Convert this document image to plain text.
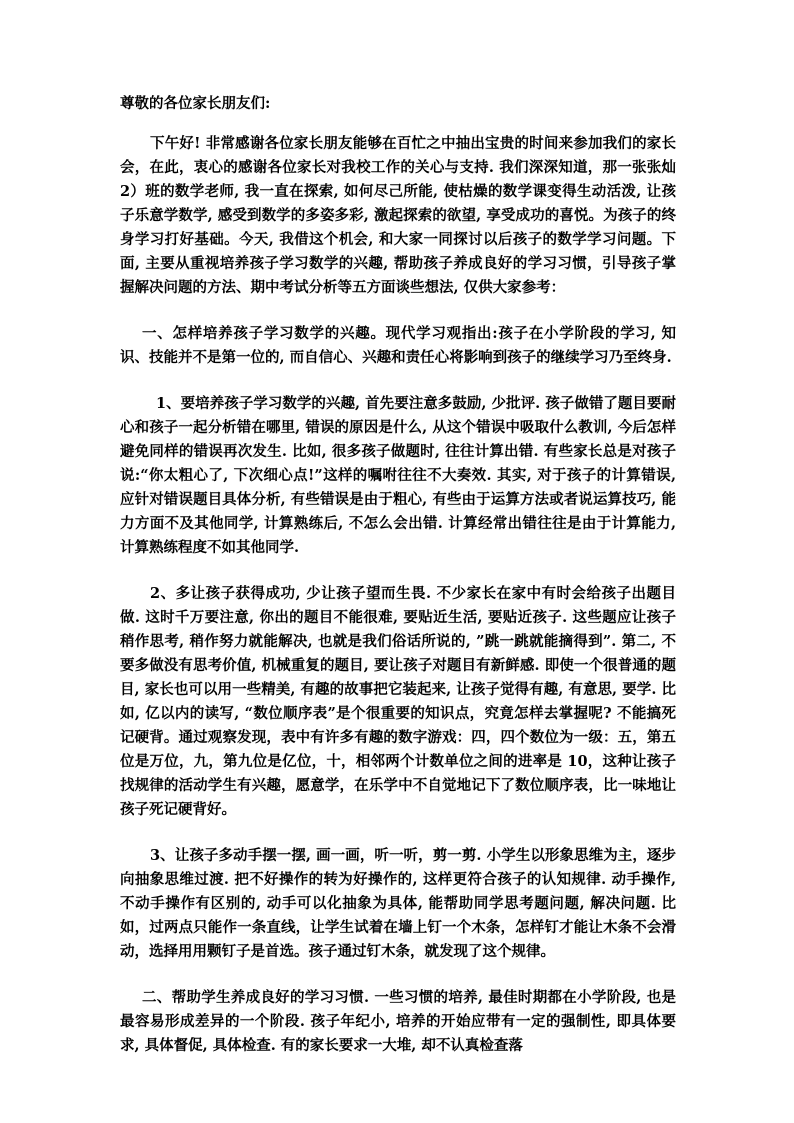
尊敬的各位家长朋友们:

下午好! 非常感谢各位家长朋友能够在百忙之中抽出宝贵的时间来参加我们的家长会，在此，衷心的感谢各位家长对我校工作的关心与支持. 我们深深知道，那一张张灿 2）班的数学老师, 我一直在探索, 如何尽己所能, 使枯燥的数学课变得生动活泼, 让孩子乐意学数学, 感受到数学的多姿多彩, 激起探索的欲望, 享受成功的喜悦。为孩子的终身学习打好基础。今天, 我借这个机会, 和大家一同探讨以后孩子的数学学习问题。下面, 主要从重视培养孩子学习数学的兴趣, 帮助孩子养成良好的学习习惯，引导孩子掌握解决问题的方法、期中考试分析等五方面谈些想法, 仅供大家参考：

一、怎样培养孩子学习数学的兴趣。现代学习观指出:孩子在小学阶段的学习, 知识、技能并不是第一位的, 而自信心、兴趣和责任心将影响到孩子的继续学习乃至终身.

1、要培养孩子学习数学的兴趣, 首先要注意多鼓励, 少批评. 孩子做错了题目要耐心和孩子一起分析错在哪里, 错误的原因是什么, 从这个错误中吸取什么教训, 今后怎样避免同样的错误再次发生. 比如, 很多孩子做题时, 往往计算出错. 有些家长总是对孩子说:“你太粗心了, 下次细心点!”这样的嘱咐往往不大奏效. 其实, 对于孩子的计算错误, 应针对错误题目具体分析, 有些错误是由于粗心, 有些由于运算方法或者说运算技巧, 能力方面不及其他同学, 计算熟练后, 不怎么会出错. 计算经常出错往往是由于计算能力, 计算熟练程度不如其他同学.

2、多让孩子获得成功, 少让孩子望而生畏. 不少家长在家中有时会给孩子出题目做. 这时千万要注意, 你出的题目不能很难, 要贴近生活, 要贴近孩子. 这些题应让孩子稍作思考, 稍作努力就能解决, 也就是我们俗话所说的, ”跳一跳就能摘得到”. 第二, 不要多做没有思考价值, 机械重复的题目, 要让孩子对题目有新鲜感. 即使一个很普通的题目, 家长也可以用一些精美, 有趣的故事把它装起来, 让孩子觉得有趣, 有意思, 要学. 比如, 亿以内的读写, “数位顺序表”是个很重要的知识点，究竟怎样去掌握呢? 不能搞死记硬背。通过观察发现，表中有许多有趣的数字游戏：四，四个数位为一级：五，第五位是万位，九，第九位是亿位，十，相邻两个计数单位之间的进率是 10，这种让孩子找规律的活动学生有兴趣，愿意学，在乐学中不自觉地记下了数位顺序表，比一味地让孩子死记硬背好。

3、让孩子多动手摆一摆, 画一画，听一听，剪一剪. 小学生以形象思维为主，逐步向抽象思维过渡. 把不好操作的转为好操作的, 这样更符合孩子的认知规律. 动手操作, 不动手操作有区别的, 动手可以化抽象为具体, 能帮助同学思考题问题, 解决问题. 比如，过两点只能作一条直线，让学生试着在墙上钉一个木条，怎样钉才能让木条不会滑动，选择用用颗钉子是首选。孩子通过钉木条，就发现了这个规律。

二、帮助学生养成良好的学习习惯. 一些习惯的培养, 最佳时期都在小学阶段, 也是最容易形成差异的一个阶段. 孩子年纪小, 培养的开始应带有一定的强制性, 即具体要求, 具体督促, 具体检查. 有的家长要求一大堆, 却不认真检查落
